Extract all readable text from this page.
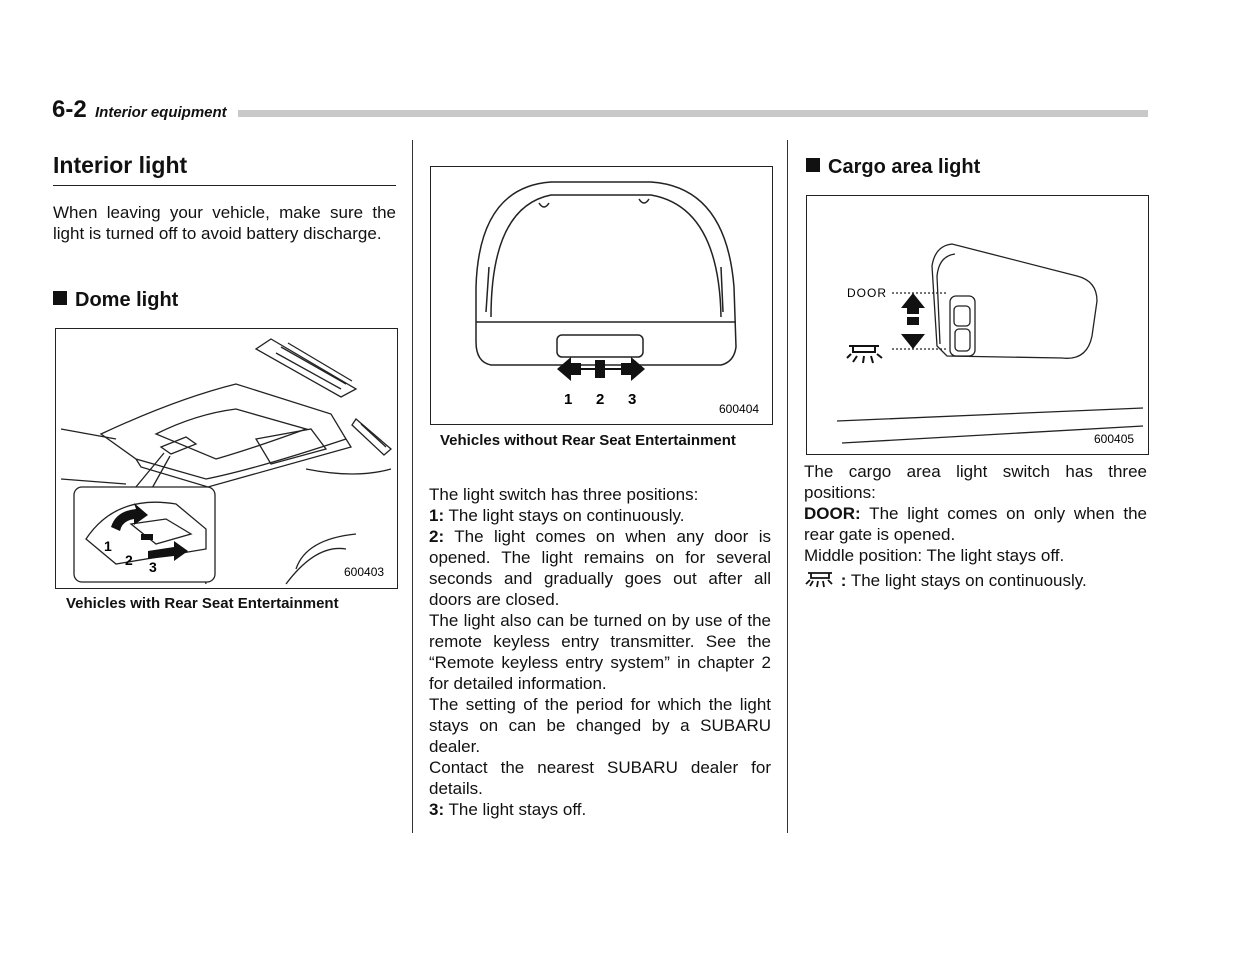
6-2 Interior equipment
Interior light
When leaving your vehicle, make sure the light is turned off to avoid battery discharge.
Dome light
1
2 3	600403
Vehicles with Rear Seat Entertainment
1 2 3
600404
Vehicles without Rear Seat Entertainment

The light switch has three positions:

1: The light stays on continuously.

2: The light comes on when any door is opened. The light remains on for several seconds and gradually goes out after all doors are closed.

The light also can be turned on by use of the remote keyless entry transmitter. See the “Remote keyless entry system” in chapter 2 for detailed information.

The setting of the period for which the light stays on can be changed by a SUBARU dealer.

Contact the nearest SUBARU dealer for details.

3: The light stays off.

Cargo area light
DOOR
600405

The cargo area light switch has three positions:

DOOR: The light comes on only when the rear gate is opened.

Middle position: The light stays off.

: The light stays on continuously.
